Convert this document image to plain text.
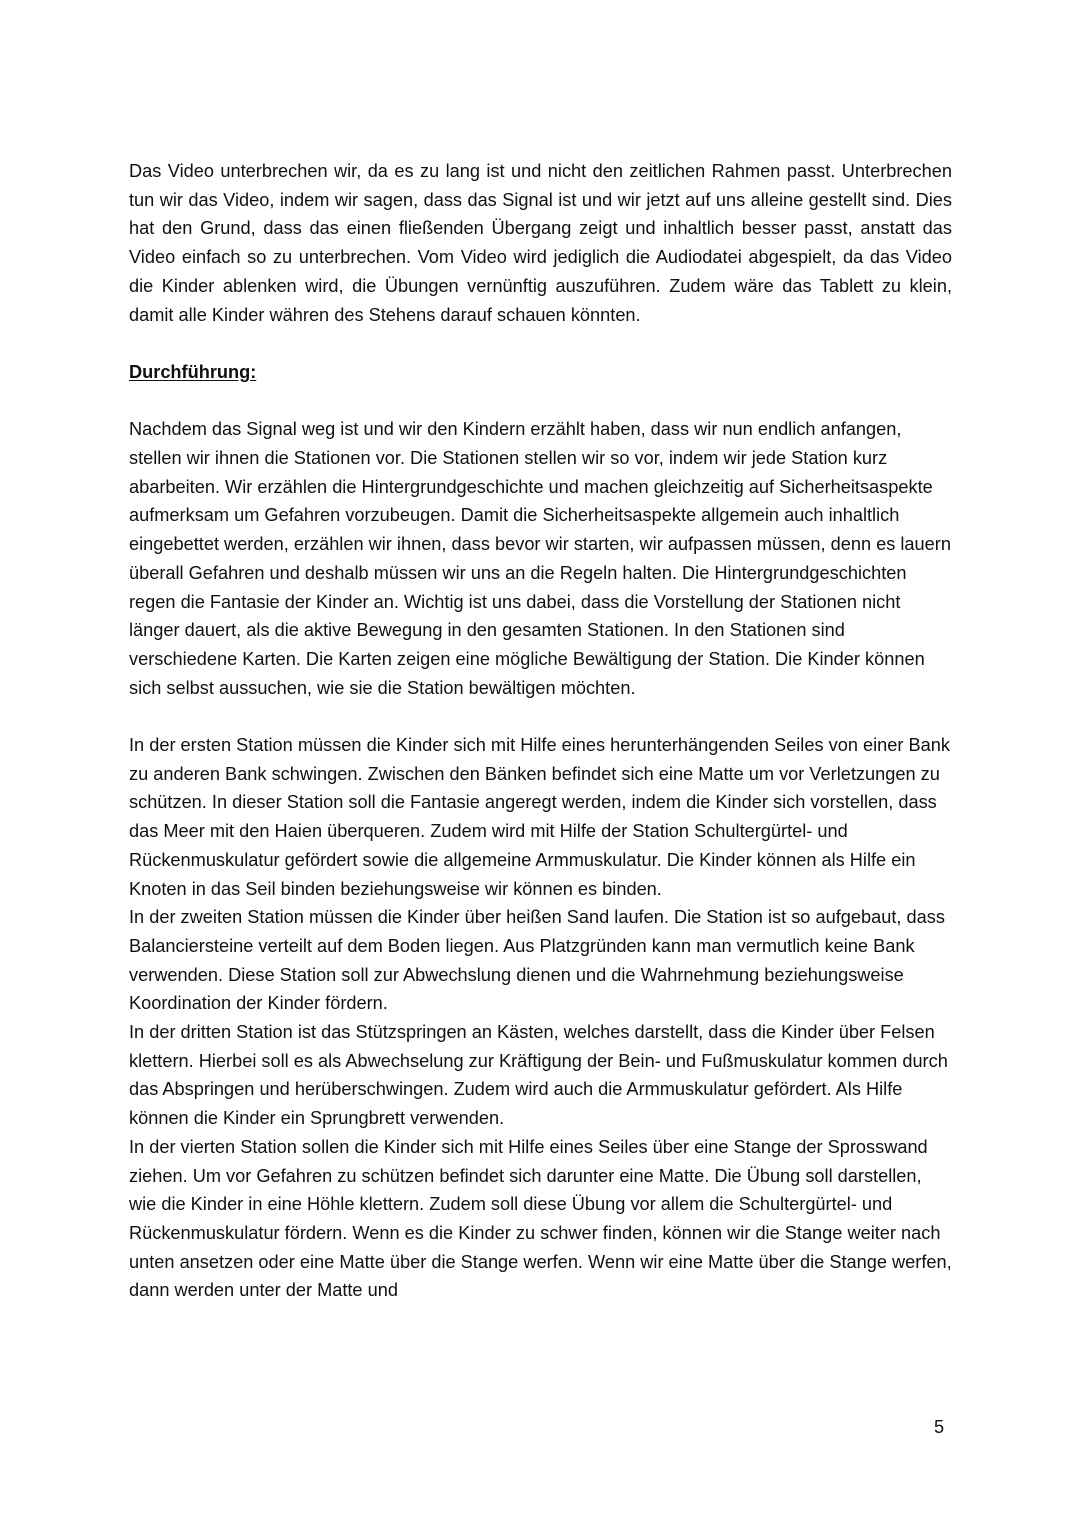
Das Video unterbrechen wir, da es zu lang ist und nicht den zeitlichen Rahmen passt. Unterbrechen tun wir das Video, indem wir sagen, dass das Signal ist und wir jetzt auf uns alleine gestellt sind. Dies hat den Grund, dass das einen fließenden Übergang zeigt und inhaltlich besser passt, anstatt das Video einfach so zu unterbrechen. Vom Video wird jediglich die Audiodatei abgespielt, da das Video die Kinder ablenken wird, die Übungen vernünftig auszuführen. Zudem wäre das Tablett zu klein, damit alle Kinder währen des Stehens darauf schauen könnten.

Durchführung:

Nachdem das Signal weg ist und wir den Kindern erzählt haben, dass wir nun endlich anfangen, stellen wir ihnen die Stationen vor. Die Stationen stellen wir so vor, indem wir jede Station kurz abarbeiten. Wir erzählen die Hintergrundgeschichte und machen gleichzeitig auf Sicherheitsaspekte aufmerksam um Gefahren vorzubeugen. Damit die Sicherheitsaspekte allgemein auch inhaltlich eingebettet werden, erzählen wir ihnen, dass bevor wir starten, wir aufpassen müssen, denn es lauern überall Gefahren und deshalb müssen wir uns an die Regeln halten. Die Hintergrundgeschichten regen die Fantasie der Kinder an. Wichtig ist uns dabei, dass die Vorstellung der Stationen nicht länger dauert, als die aktive Bewegung in den gesamten Stationen. In den Stationen sind verschiedene Karten. Die Karten zeigen eine mögliche Bewältigung der Station. Die Kinder können sich selbst aussuchen, wie sie die Station bewältigen möchten.

In der ersten Station müssen die Kinder sich mit Hilfe eines herunterhängenden Seiles von einer Bank zu anderen Bank schwingen. Zwischen den Bänken befindet sich eine Matte um vor Verletzungen zu schützen. In dieser Station soll die Fantasie angeregt werden, indem die Kinder sich vorstellen, dass das Meer mit den Haien überqueren. Zudem wird mit Hilfe der Station Schultergürtel- und Rückenmuskulatur gefördert sowie die allgemeine Armmuskulatur. Die Kinder können als Hilfe ein Knoten in das Seil binden beziehungsweise wir können es binden.

In der zweiten Station müssen die Kinder über heißen Sand laufen. Die Station ist so aufgebaut, dass Balanciersteine verteilt auf dem Boden liegen. Aus Platzgründen kann man vermutlich keine Bank verwenden. Diese Station soll zur Abwechslung dienen und die Wahrnehmung beziehungsweise Koordination der Kinder fördern.

In der dritten Station ist das Stützspringen an Kästen, welches darstellt, dass die Kinder über Felsen klettern. Hierbei soll es als Abwechselung zur Kräftigung der Bein- und Fußmuskulatur kommen durch das Abspringen und herüberschwingen. Zudem wird auch die Armmuskulatur gefördert. Als Hilfe können die Kinder ein Sprungbrett verwenden.

In der vierten Station sollen die Kinder sich mit Hilfe eines Seiles über eine Stange der Sprosswand ziehen. Um vor Gefahren zu schützen befindet sich darunter eine Matte. Die Übung soll darstellen, wie die Kinder in eine Höhle klettern. Zudem soll diese Übung vor allem die Schultergürtel- und Rückenmuskulatur fördern. Wenn es die Kinder zu schwer finden, können wir die Stange weiter nach unten ansetzen oder eine Matte über die Stange werfen. Wenn wir eine Matte über die Stange werfen, dann werden unter der Matte und

5
